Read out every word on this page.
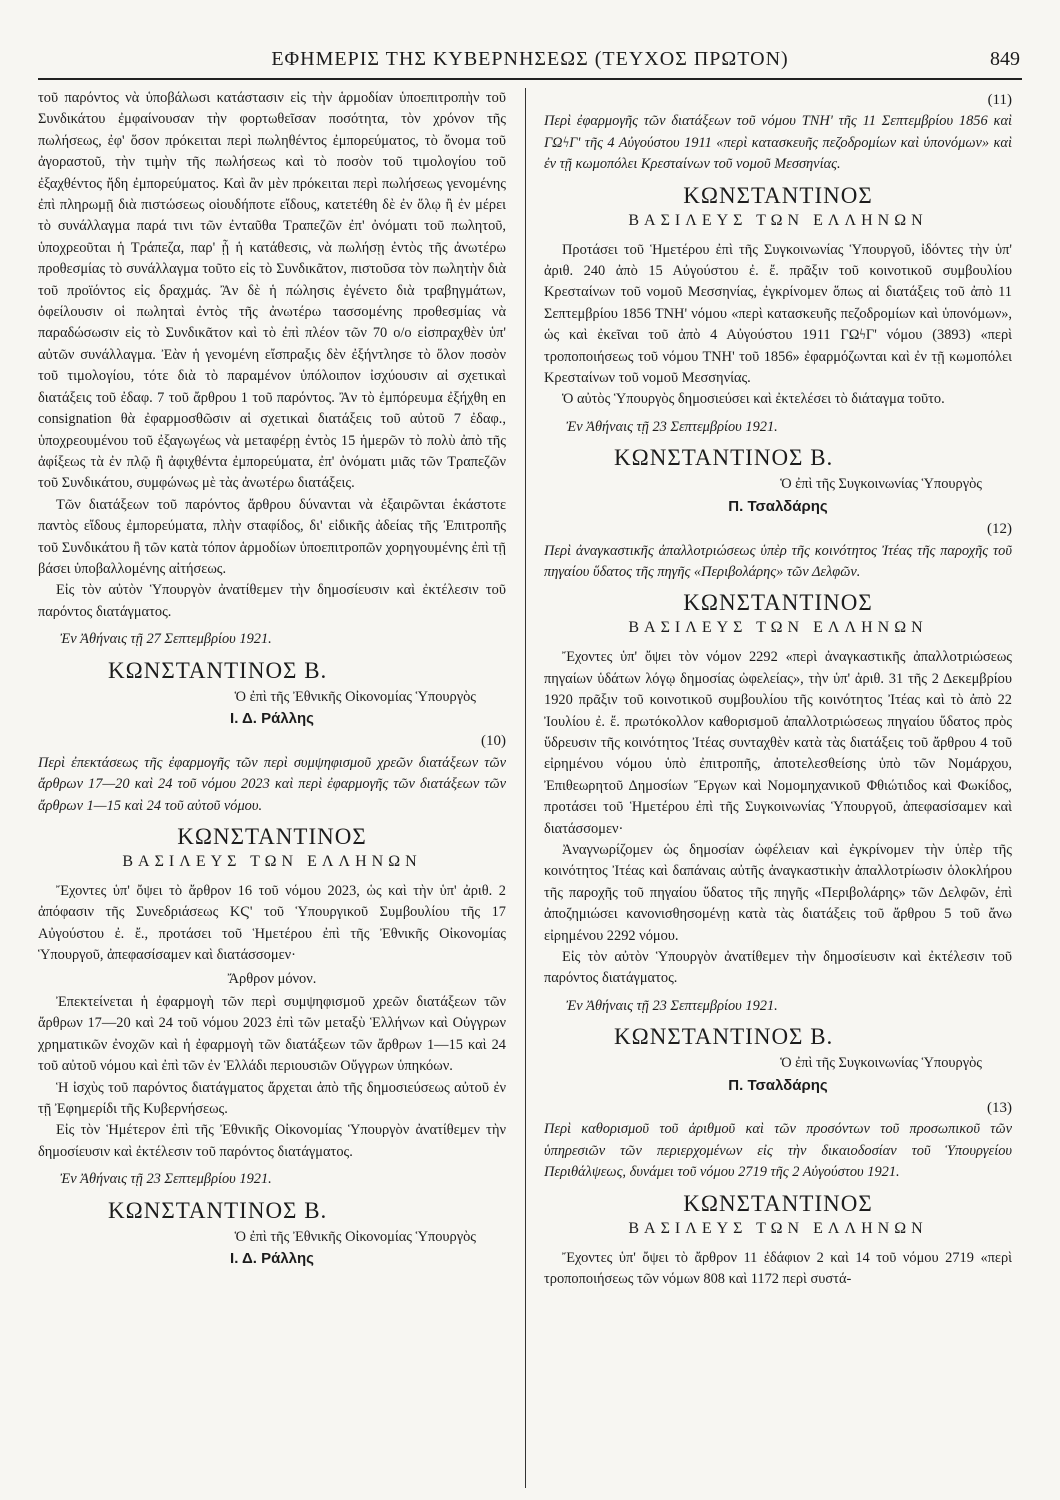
ΕΦΗΜΕΡΙΣ ΤΗΣ ΚΥΒΕΡΝΗΣΕΩΣ (ΤΕΥΧΟΣ ΠΡΩΤΟΝ)	849

τοῦ παρόντος νὰ ὑποβάλωσι κατάστασιν εἰς τὴν ἁρμοδίαν ὑποεπιτροπὴν τοῦ Συνδικάτου ἐμφαίνουσαν τὴν φορτωθεῖσαν ποσότητα, τὸν χρόνον τῆς πωλήσεως, ἐφ' ὅσον πρόκειται περὶ πωληθέντος ἐμπορεύματος, τὸ ὄνομα τοῦ ἀγοραστοῦ, τὴν τιμὴν τῆς πωλήσεως καὶ τὸ ποσὸν τοῦ τιμολογίου τοῦ ἐξαχθέντος ἤδη ἐμπορεύματος. Καὶ ἂν μὲν πρόκειται περὶ πωλήσεως γενομένης ἐπὶ πληρωμῇ διὰ πιστώσεως οἱουδήποτε εἴδους, κατετέθη δὲ ἐν ὅλῳ ἢ ἐν μέρει τὸ συνάλλαγμα παρά τινι τῶν ἐνταῦθα Τραπεζῶν ἐπ' ὀνόματι τοῦ πωλητοῦ, ὑποχρεοῦται ἡ Τράπεζα, παρ' ᾗ ἡ κατάθεσις, νὰ πωλήσῃ ἐντὸς τῆς ἀνωτέρω προθεσμίας τὸ συνάλλαγμα τοῦτο εἰς τὸ Συνδικᾶτον, πιστοῦσα τὸν πωλητὴν διὰ τοῦ προϊόντος εἰς δραχμάς. Ἂν δὲ ἡ πώλησις ἐγένετο διὰ τραβηγμάτων, ὀφείλουσιν οἱ πωληταὶ ἐντὸς τῆς ἀνωτέρω τασσομένης προθεσμίας νὰ παραδώσωσιν εἰς τὸ Συνδικᾶτον καὶ τὸ ἐπὶ πλέον τῶν 70 ο/ο εἰσπραχθὲν ὑπ' αὐτῶν συνάλλαγμα. Ἐὰν ἡ γενομένη εἴσπραξις δὲν ἐξήντλησε τὸ ὅλον ποσὸν τοῦ τιμολογίου, τότε διὰ τὸ παραμένον ὑπόλοιπον ἰσχύουσιν αἱ σχετικαὶ διατάξεις τοῦ ἐδαφ. 7 τοῦ ἄρθρου 1 τοῦ παρόντος. Ἂν τὸ ἐμπόρευμα ἐξήχθη en consignation θὰ ἐφαρμοσθῶσιν αἱ σχετικαὶ διατάξεις τοῦ αὐτοῦ 7 ἐδαφ., ὑποχρεουμένου τοῦ ἐξαγωγέως νὰ μεταφέρῃ ἐντὸς 15 ἡμερῶν τὸ πολὺ ἀπὸ τῆς ἀφίξεως τὰ ἐν πλῷ ἢ ἀφιχθέντα ἐμπορεύματα, ἐπ' ὀνόματι μιᾶς τῶν Τραπεζῶν τοῦ Συνδικάτου, συμφώνως μὲ τὰς ἀνωτέρω διατάξεις.

Τῶν διατάξεων τοῦ παρόντος ἄρθρου δύνανται νὰ ἐξαιρῶνται ἑκάστοτε παντὸς εἴδους ἐμπορεύματα, πλὴν σταφίδος, δι' εἰδικῆς ἀδείας τῆς Ἐπιτροπῆς τοῦ Συνδικάτου ἢ τῶν κατὰ τόπον ἁρμοδίων ὑποεπιτροπῶν χορηγουμένης ἐπὶ τῇ βάσει ὑποβαλλομένης αἰτήσεως.

Εἰς τὸν αὐτὸν Ὑπουργὸν ἀνατίθεμεν τὴν δημοσίευσιν καὶ ἐκτέλεσιν τοῦ παρόντος διατάγματος.

Ἐν Ἀθήναις τῇ 27 Σεπτεμβρίου 1921.

ΚΩΝΣΤΑΝΤΙΝΟΣ Β.

Ὁ ἐπὶ τῆς Ἐθνικῆς Οἰκονομίας Ὑπουργὸς

Ι. Δ. Ράλλης

(10)

Περὶ ἐπεκτάσεως τῆς ἐφαρμογῆς τῶν περὶ συμψηφισμοῦ χρεῶν διατάξεων τῶν ἄρθρων 17—20 καὶ 24 τοῦ νόμου 2023 καὶ περὶ ἐφαρμογῆς τῶν διατάξεων τῶν ἄρθρων 1—15 καὶ 24 τοῦ αὐτοῦ νόμου.

ΚΩΝΣΤΑΝΤΙΝΟΣ
ΒΑΣΙΛΕΥΣ ΤΩΝ ΕΛΛΗΝΩΝ

Ἔχοντες ὑπ' ὄψει τὸ ἄρθρον 16 τοῦ νόμου 2023, ὡς καὶ τὴν ὑπ' ἀριθ. 2 ἀπόφασιν τῆς Συνεδριάσεως ΚϚ' τοῦ Ὑπουργικοῦ Συμβουλίου τῆς 17 Αὐγούστου ἐ. ἔ., προτάσει τοῦ Ἡμετέρου ἐπὶ τῆς Ἐθνικῆς Οἰκονομίας Ὑπουργοῦ, ἀπεφασίσαμεν καὶ διατάσσομεν·

Ἄρθρον μόνον.

Ἐπεκτείνεται ἡ ἐφαρμογὴ τῶν περὶ συμψηφισμοῦ χρεῶν διατάξεων τῶν ἄρθρων 17—20 καὶ 24 τοῦ νόμου 2023 ἐπὶ τῶν μεταξὺ Ἑλλήνων καὶ Οὐγγρων χρηματικῶν ἐνοχῶν καὶ ἡ ἐφαρμογὴ τῶν διατάξεων τῶν ἄρθρων 1—15 καὶ 24 τοῦ αὐτοῦ νόμου καὶ ἐπὶ τῶν ἐν Ἑλλάδι περιουσιῶν Οὔγγρων ὑπηκόων.

Ἡ ἰσχὺς τοῦ παρόντος διατάγματος ἄρχεται ἀπὸ τῆς δημοσιεύσεως αὐτοῦ ἐν τῇ Ἐφημερίδι τῆς Κυβερνήσεως.

Εἰς τὸν Ἡμέτερον ἐπὶ τῆς Ἐθνικῆς Οἰκονομίας Ὑπουργὸν ἀνατίθεμεν τὴν δημοσίευσιν καὶ ἐκτέλεσιν τοῦ παρόντος διατάγματος.

Ἐν Ἀθήναις τῇ 23 Σεπτεμβρίου 1921.

ΚΩΝΣΤΑΝΤΙΝΟΣ Β.

Ὁ ἐπὶ τῆς Ἐθνικῆς Οἰκονομίας Ὑπουργὸς

Ι. Δ. Ράλλης

(11)

Περὶ ἐφαρμογῆς τῶν διατάξεων τοῦ νόμου ΤΝΗ' τῆς 11 Σεπτεμβρίου 1856 καὶ ΓΩϟΓ' τῆς 4 Αὐγούστου 1911 «περὶ κατασκευῆς πεζοδρομίων καὶ ὑπονόμων» καὶ ἐν τῇ κωμοπόλει Κρεσταίνων τοῦ νομοῦ Μεσσηνίας.

ΚΩΝΣΤΑΝΤΙΝΟΣ
ΒΑΣΙΛΕΥΣ ΤΩΝ ΕΛΛΗΝΩΝ

Προτάσει τοῦ Ἡμετέρου ἐπὶ τῆς Συγκοινωνίας Ὑπουργοῦ, ἰδόντες τὴν ὑπ' ἀριθ. 240 ἀπὸ 15 Αὐγούστου ἐ. ἔ. πρᾶξιν τοῦ κοινοτικοῦ συμβουλίου Κρεσταίνων τοῦ νομοῦ Μεσσηνίας, ἐγκρίνομεν ὅπως αἱ διατάξεις τοῦ ἀπὸ 11 Σεπτεμβρίου 1856 ΤΝΗ' νόμου «περὶ κατασκευῆς πεζοδρομίων καὶ ὑπονόμων», ὡς καὶ ἐκεῖναι τοῦ ἀπὸ 4 Αὐγούστου 1911 ΓΩϟΓ' νόμου (3893) «περὶ τροποποιήσεως τοῦ νόμου ΤΝΗ' τοῦ 1856» ἐφαρμόζωνται καὶ ἐν τῇ κωμοπόλει Κρεσταίνων τοῦ νομοῦ Μεσσηνίας.

Ὁ αὐτὸς Ὑπουργὸς δημοσιεύσει καὶ ἐκτελέσει τὸ διάταγμα τοῦτο.

Ἐν Ἀθήναις τῇ 23 Σεπτεμβρίου 1921.

ΚΩΝΣΤΑΝΤΙΝΟΣ Β.

Ὁ ἐπὶ τῆς Συγκοινωνίας Ὑπουργὸς

Π. Τσαλδάρης

(12)

Περὶ ἀναγκαστικῆς ἀπαλλοτριώσεως ὑπὲρ τῆς κοινότητος Ἰτέας τῆς παροχῆς τοῦ πηγαίου ὕδατος τῆς πηγῆς «Περιβολάρης» τῶν Δελφῶν.

ΚΩΝΣΤΑΝΤΙΝΟΣ
ΒΑΣΙΛΕΥΣ ΤΩΝ ΕΛΛΗΝΩΝ

Ἔχοντες ὑπ' ὄψει τὸν νόμον 2292 «περὶ ἀναγκαστικῆς ἀπαλλοτριώσεως πηγαίων ὑδάτων λόγῳ δημοσίας ὠφελείας», τὴν ὑπ' ἀριθ. 31 τῆς 2 Δεκεμβρίου 1920 πρᾶξιν τοῦ κοινοτικοῦ συμβουλίου τῆς κοινότητος Ἰτέας καὶ τὸ ἀπὸ 22 Ἰουλίου ἐ. ἔ. πρωτόκολλον καθορισμοῦ ἀπαλλοτριώσεως πηγαίου ὕδατος πρὸς ὕδρευσιν τῆς κοινότητος Ἰτέας συνταχθὲν κατὰ τὰς διατάξεις τοῦ ἄρθρου 4 τοῦ εἰρημένου νόμου ὑπὸ ἐπιτροπῆς, ἀποτελεσθείσης ὑπὸ τῶν Νομάρχου, Ἐπιθεωρητοῦ Δημοσίων Ἔργων καὶ Νομομηχανικοῦ Φθιώτιδος καὶ Φωκίδος, προτάσει τοῦ Ἡμετέρου ἐπὶ τῆς Συγκοινωνίας Ὑπουργοῦ, ἀπεφασίσαμεν καὶ διατάσσομεν·

Ἀναγνωρίζομεν ὡς δημοσίαν ὠφέλειαν καὶ ἐγκρίνομεν τὴν ὑπὲρ τῆς κοινότητος Ἰτέας καὶ δαπάναις αὐτῆς ἀναγκαστικὴν ἀπαλλοτρίωσιν ὁλοκλήρου τῆς παροχῆς τοῦ πηγαίου ὕδατος τῆς πηγῆς «Περιβολάρης» τῶν Δελφῶν, ἐπὶ ἀποζημιώσει κανονισθησομένῃ κατὰ τὰς διατάξεις τοῦ ἄρθρου 5 τοῦ ἄνω εἰρημένου 2292 νόμου.

Εἰς τὸν αὐτὸν Ὑπουργὸν ἀνατίθεμεν τὴν δημοσίευσιν καὶ ἐκτέλεσιν τοῦ παρόντος διατάγματος.

Ἐν Ἀθήναις τῇ 23 Σεπτεμβρίου 1921.

ΚΩΝΣΤΑΝΤΙΝΟΣ Β.

Ὁ ἐπὶ τῆς Συγκοινωνίας Ὑπουργὸς

Π. Τσαλδάρης

(13)

Περὶ καθορισμοῦ τοῦ ἀριθμοῦ καὶ τῶν προσόντων τοῦ προσωπικοῦ τῶν ὑπηρεσιῶν τῶν περιερχομένων εἰς τὴν δικαιοδοσίαν τοῦ Ὑπουργείου Περιθάλψεως, δυνάμει τοῦ νόμου 2719 τῆς 2 Αὐγούστου 1921.

ΚΩΝΣΤΑΝΤΙΝΟΣ
ΒΑΣΙΛΕΥΣ ΤΩΝ ΕΛΛΗΝΩΝ

Ἔχοντες ὑπ' ὄψει τὸ ἄρθρον 11 ἐδάφιον 2 καὶ 14 τοῦ νόμου 2719 «περὶ τροποποιήσεως τῶν νόμων 808 καὶ 1172 περὶ συστά-
